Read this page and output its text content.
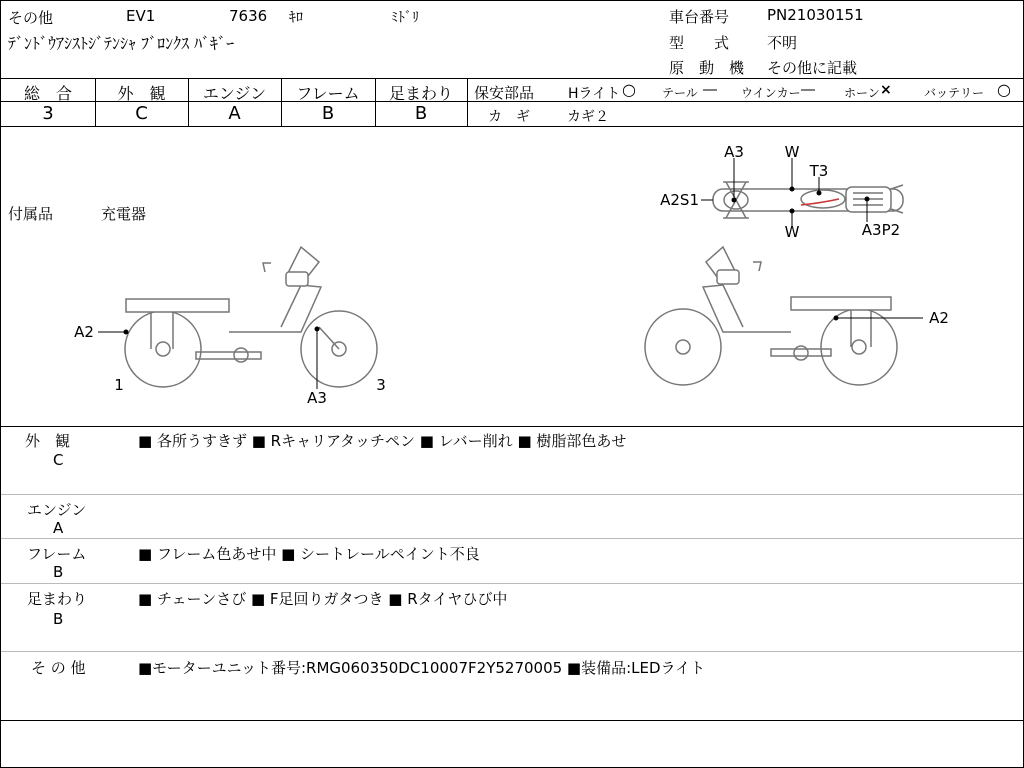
その他	EV1	7636 ｷﾛ	ﾐﾄﾞﾘ
ﾃﾞﾝﾄﾞｳｱｼｽﾄｼﾞﾃﾝｼｬ ﾌﾞﾛﾝｸｽ ﾊﾞｷﾞｰ
車台番号	PN21030151
型　　式	不明
原　動　機 その他に記載
総　合	外　観	エンジン	フレーム	足まわり
3	C	A	B	B
保安部品 Hライト ○ テール ― ウインカー ― ホーン ×	バッテリー ○
カ　ギ	カギ２
付属品	充電器
A3	W
T3
A2S1
W	A3P2
A2
1
A3
3
A2
外　観
C
■ 各所うすきず ■ Rキャリアタッチペン ■ レバー削れ ■ 樹脂部色あせ
エンジン
A
フレーム
B
■ フレーム色あせ中 ■ シートレールペイント不良
足まわり
B
■ チェーンさび ■ F足回りガタつき ■ Rタイヤひび中
そ の 他	■モーターユニット番号:RMG060350DC10007F2Y5270005 ■装備品:LEDライト
